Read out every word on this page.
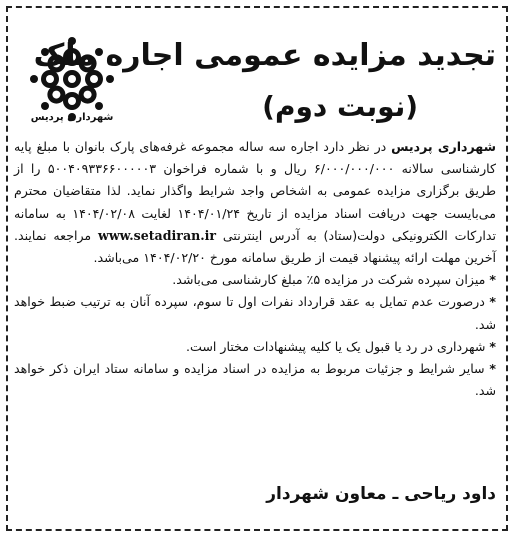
شهرداری پردیس
تجدید مزایده عمومی اجاره ملک
(نوبت دوم)

شهرداری پردیس در نظر دارد اجاره سه ساله مجموعه غرفه‌های پارک بانوان با مبلغ پایه کارشناسی سالانه ۶/۰۰۰/۰۰۰/۰۰۰ ریال و با شماره فراخوان ۵۰۰۴۰۹۳۳۶۶۰۰۰۰۰۳ را از طریق برگزاری مزایده عمومی به اشخاص واجد شرایط واگذار نماید. لذا متقاضیان محترم می‌بایست جهت دریافت اسناد مزایده از تاریخ ۱۴۰۴/۰۱/۲۴ لغایت ۱۴۰۴/۰۲/۰۸ به سامانه تدارکات الکترونیکی دولت(ستاد) به آدرس اینترنتی www.setadiran.ir مراجعه نمایند. آخرین مهلت ارائه پیشنهاد قیمت از طریق سامانه مورخ ۱۴۰۴/۰۲/۲۰ می‌باشد.

* میزان سپرده شرکت در مزایده ۵٪ مبلغ کارشناسی می‌باشد.

* درصورت عدم تمایل به عقد قرارداد نفرات اول تا سوم، سپرده آنان به ترتیب ضبط خواهد شد.

* شهرداری در رد یا قبول یک یا کلیه پیشنهادات مختار است.

* سایر شرایط و جزئیات مربوط به مزایده در اسناد مزایده و سامانه ستاد ایران ذکر خواهد شد.

داود ریاحی ـ معاون شهردار
